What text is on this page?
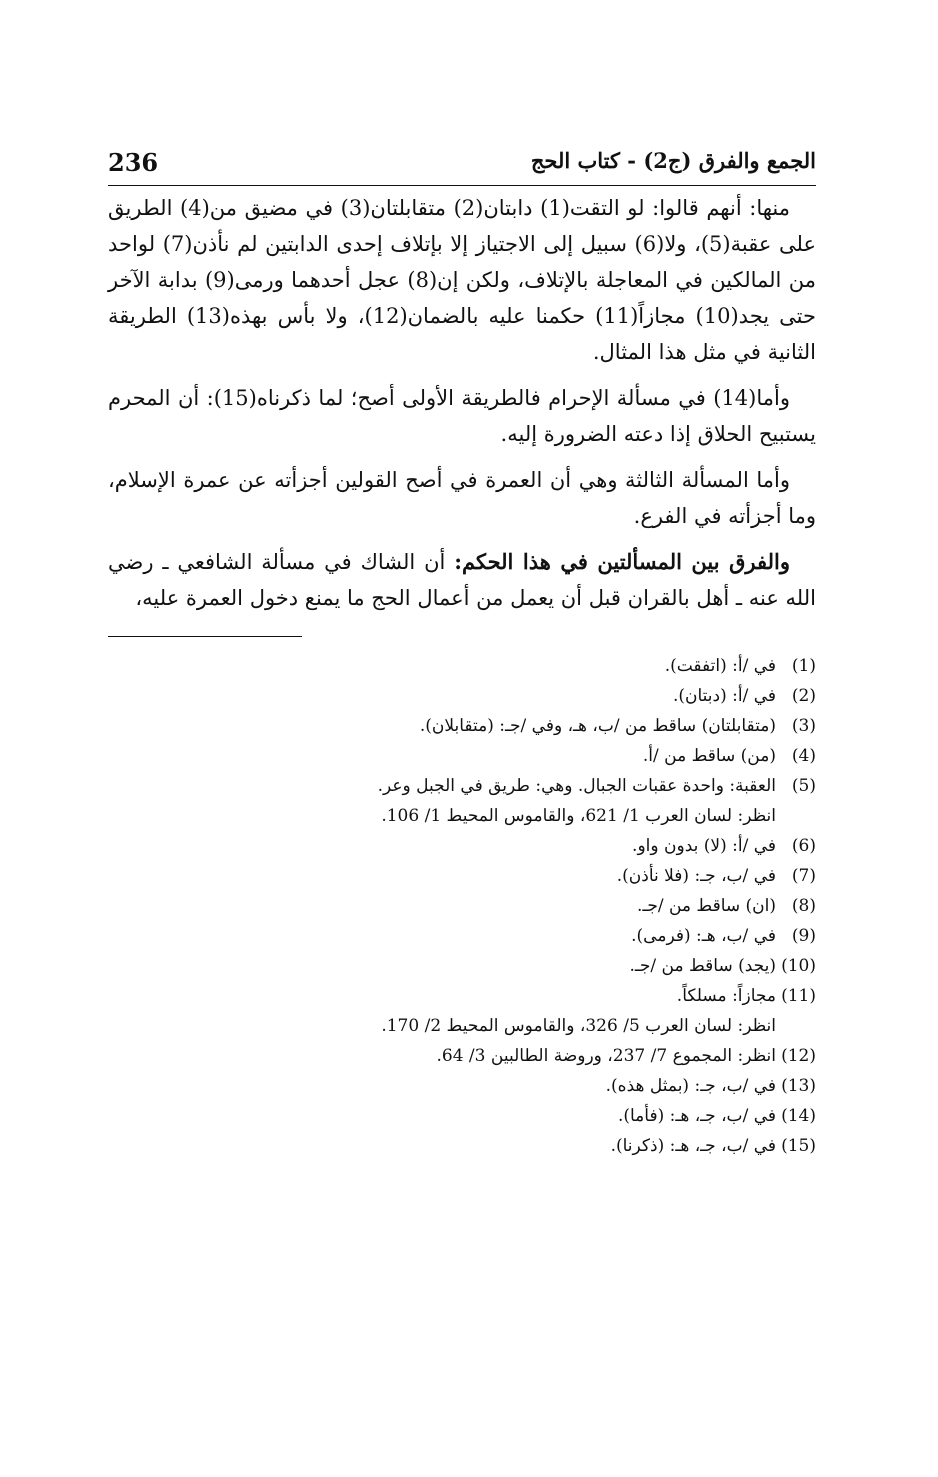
الجمع والفرق (ج2) - كتاب الحج
236

منها: أنهم قالوا: لو التقت(1) دابتان(2) متقابلتان(3) في مضيق من(4) الطريق على عقبة(5)، ولا(6) سبيل إلى الاجتياز إلا بإتلاف إحدى الدابتين لم نأذن(7) لواحد من المالكين في المعاجلة بالإتلاف، ولكن إن(8) عجل أحدهما ورمى(9) بدابة الآخر حتى يجد(10) مجازاً(11) حكمنا عليه بالضمان(12)، ولا بأس بهذه(13) الطريقة الثانية في مثل هذا المثال.

وأما(14) في مسألة الإحرام فالطريقة الأولى أصح؛ لما ذكرناه(15): أن المحرم يستبيح الحلاق إذا دعته الضرورة إليه.

وأما المسألة الثالثة وهي أن العمرة في أصح القولين أجزأته عن عمرة الإسلام، وما أجزأته في الفرع.

والفرق بين المسألتين في هذا الحكم: أن الشاك في مسألة الشافعي ـ رضي الله عنه ـ أهل بالقران قبل أن يعمل من أعمال الحج ما يمنع دخول العمرة عليه،

(1)
في /أ: (اتفقت).
(2)
في /أ: (دبتان).
(3)
(متقابلتان) ساقط من /ب، هـ، وفي /جـ: (متقابلان).
(4)
(من) ساقط من /أ.
(5)
العقبة: واحدة عقبات الجبال. وهي: طريق في الجبل وعر.
انظر: لسان العرب 1/ 621، والقاموس المحيط 1/ 106.
(6)
في /أ: (لا) بدون واو.
(7)
في /ب، جـ: (فلا نأذن).
(8)
(ان) ساقط من /جـ.
(9)
في /ب، هـ: (فرمى).
(10)
(يجد) ساقط من /جـ.
(11)
مجازاً: مسلكاً.
انظر: لسان العرب 5/ 326، والقاموس المحيط 2/ 170.
(12)
انظر: المجموع 7/ 237، وروضة الطالبين 3/ 64.
(13)
في /ب، جـ: (بمثل هذه).
(14)
في /ب، جـ، هـ: (فأما).
(15)
في /ب، جـ، هـ: (ذكرنا).
